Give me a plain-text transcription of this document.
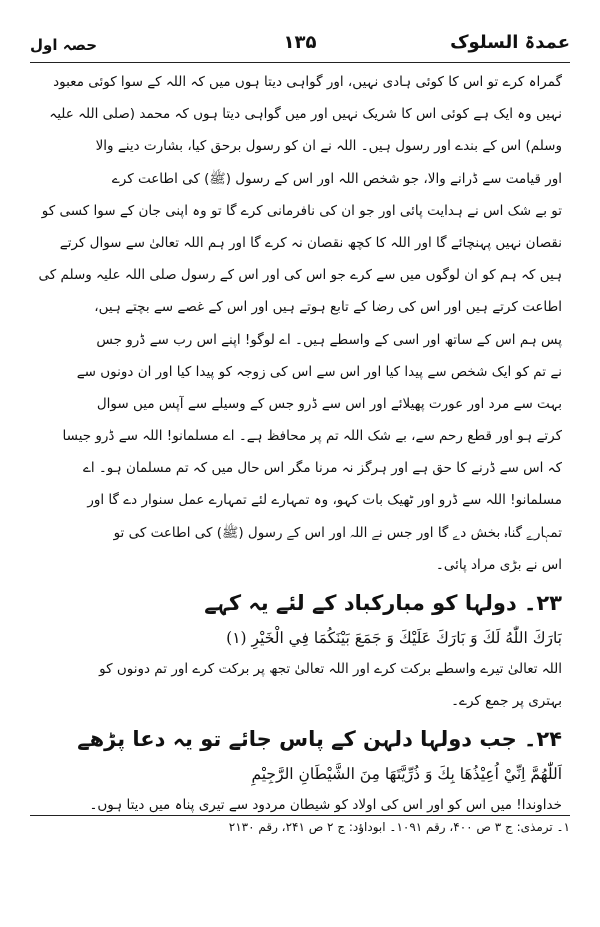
حصہ اول	۱۳۵	عمدۃ السلوک
گمراہ کرے تو اس کا کوئی ہادی نہیں، اور گواہی دیتا ہوں میں کہ اللہ کے سوا کوئی معبود
نہیں وہ ایک ہے کوئی اس کا شریک نہیں اور میں گواہی دیتا ہوں کہ محمد (صلی اللہ علیہ
وسلم) اس کے بندے اور رسول ہیں۔ اللہ نے ان کو رسول برحق کیا، بشارت دینے والا
اور قیامت سے ڈرانے والا، جو شخص اللہ اور اس کے رسول (ﷺ) کی اطاعت کرے
تو بے شک اس نے ہدایت پائی اور جو ان کی نافرمانی کرے گا تو وہ اپنی جان کے سوا کسی کو
نقصان نہیں پہنچائے گا اور اللہ کا کچھ نقصان نہ کرے گا اور ہم اللہ تعالیٰ سے سوال کرتے
ہیں کہ ہم کو ان لوگوں میں سے کرے جو اس کی اور اس کے رسول صلی اللہ علیہ وسلم کی
اطاعت کرتے ہیں اور اس کی رضا کے تابع ہوتے ہیں اور اس کے غصے سے بچتے ہیں،
پس ہم اس کے ساتھ اور اسی کے واسطے ہیں۔ اے لوگو! اپنے اس رب سے ڈرو جس
نے تم کو ایک شخص سے پیدا کیا اور اس سے اس کی زوجہ کو پیدا کیا اور ان دونوں سے
بہت سے مرد اور عورت پھیلائے اور اس سے ڈرو جس کے وسیلے سے آپس میں سوال
کرتے ہو اور قطع رحم سے، بے شک اللہ تم پر محافظ ہے۔ اے مسلمانو! اللہ سے ڈرو جیسا
کہ اس سے ڈرنے کا حق ہے اور ہرگز نہ مرنا مگر اس حال میں کہ تم مسلمان ہو۔ اے
مسلمانو! اللہ سے ڈرو اور ٹھیک بات کہو، وہ تمہارے لئے تمہارے عمل سنوار دے گا اور
تمہارے گناہ بخش دے گا اور جس نے اللہ اور اس کے رسول (ﷺ) کی اطاعت کی تو
اس نے بڑی مراد پائی۔
۲۳۔ دولہا کو مبارکباد کے لئے یہ کہے
بَارَكَ اللّٰهُ لَكَ وَ بَارَكَ عَلَيْكَ وَ جَمَعَ بَيْنَكُمَا فِي الْخَيْرِ (۱)
اللہ تعالیٰ تیرے واسطے برکت کرے اور اللہ تعالیٰ تجھ پر برکت کرے اور تم دونوں کو
بہتری پر جمع کرے۔
۲۴۔ جب دولہا دلہن کے پاس جائے تو یہ دعا پڑھے
اَللّٰهُمَّ اِنِّيْ اُعِيْذُهَا بِكَ وَ ذُرِّيَّتَهَا مِنَ الشَّيْطَانِ الرَّجِيْمِ
خداوندا! میں اس کو اور اس کی اولاد کو شیطان مردود سے تیری پناہ میں دیتا ہوں۔
۱۔ ترمذی: ج ۳ ص ۴۰۰، رقم ۱۰۹۱۔ ابوداؤد: ج ۲ ص ۲۴۱، رقم ۲۱۳۰
